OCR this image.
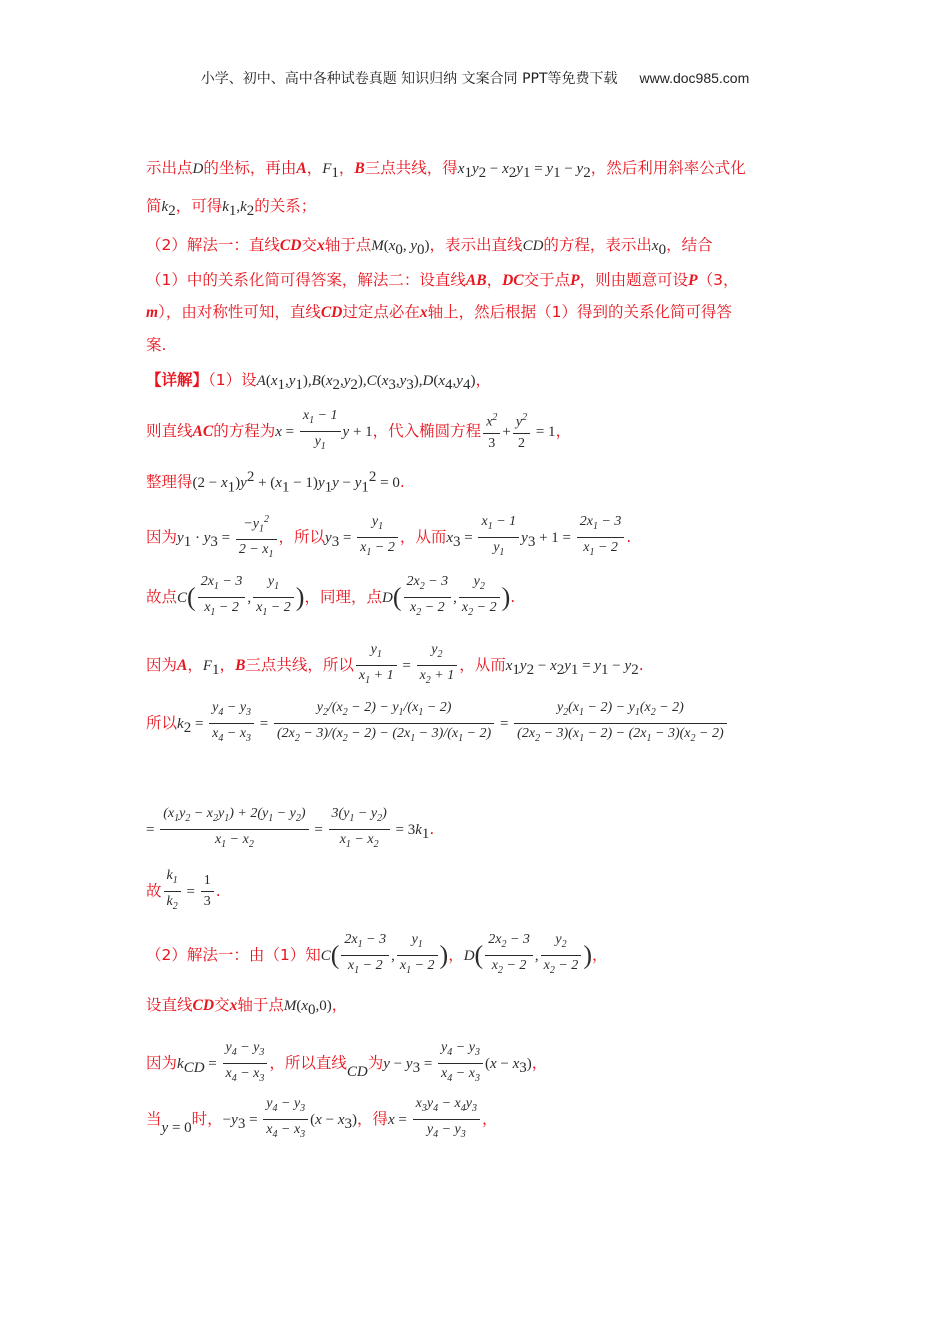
小学、初中、高中各种试卷真题 知识归纳 文案合同 PPT等免费下载 www.doc985.com
示出点D的坐标，再由A，$F_1$，B三点共线，得$x_1y_2 - x_2y_1 = y_1 - y_2$，然后利用斜率公式化
简$k_2$，可得$k_1,k_2$的关系；
（2）解法一：直线CD交x轴于点$M(x_0$, $y_0$)，表示出直线CD的方程，表示出$x_0$，结合
（1）中的关系化简可得答案，解法二：设直线AB，DC交于点P，则由题意可设P（3，
m），由对称性可知，直线CD过定点必在x轴上，然后根据（1）得到的关系化简可得答
案.
【详解】（1）设$A(x_1,y_1),B(x_2,y_2),C(x_3,y_3),D(x_4,y_4)$，
则直线AC的方程为$x = \frac{x_1 - 1}{y_1}$ y + 1，代入椭圆方程 $\frac{x^2}{3} + \frac{y^2}{2} = 1$，
整理得$(2 - x_1)y^2 + (x_1 - 1)y_1y - y_1^2 = 0$.
因为$y_1 \cdot y_3 = \frac{-y_1^2}{2 - x_1}$ ，所以$y_3 = \frac{y_1}{x_1 - 2}$ ，从而$x_3 = \frac{x_1 - 1}{y_1} y_3 + 1 = \frac{2x_1 - 3}{x_1 - 2}$ .
故点$C( \frac{2x_1 - 3}{x_1 - 2}$ , $\frac{y_1}{x_1 - 2}$ )，同理，点$D( \frac{2x_2 - 3}{x_2 - 2}$ , $\frac{y_2}{x_2 - 2}$ ).
因为A，$F_1$，B三点共线，所以 $\frac{y_1}{x_1 + 1} = \frac{y_2}{x_2 + 1}$ ，从而$x_1y_2 - x_2y_1 = y_1 - y_2$.
所以$k_2 = \frac{y_4 - y_3}{x_4 - x_3} = \frac{y_2/(x_2 - 2) - y_1/(x_1 - 2)}{(2x_2 - 3)/(x_2 - 2) - (2x_1 - 3)/(x_1 - 2)} = \frac{y_2(x_1 - 2) - y_1(x_2 - 2)}{(2x_2 - 3)(x_1 - 2) - (2x_1 - 3)(x_2 - 2)}$
= $\frac{(x_1y_2 - x_2y_1) + 2(y_1 - y_2)}{x_1 - x_2} = \frac{3(y_1 - y_2)}{x_1 - x_2} = 3k_1$.
故 $\frac{k_1}{k_2} = \frac{1}{3}$ .
（2）解法一：由（1）知$C( \frac{2x_1 - 3}{x_1 - 2}$ , $\frac{y_1}{x_1 - 2}$ )，$D( \frac{2x_2 - 3}{x_2 - 2}$ , $\frac{y_2}{x_2 - 2}$ )，
设直线CD交x轴于点$M(x_0,0)$，
因为$k_{CD} = \frac{y_4 - y_3}{x_4 - x_3}$ ，所以直线CD为$y - y_3 = \frac{y_4 - y_3}{x_4 - x_3} (x - x_3)$，
当y = 0时，$-y_3 = \frac{y_4 - y_3}{x_4 - x_3} (x - x_3)$，得$x = \frac{x_3y_4 - x_4y_3}{y_4 - y_3}$ ，
